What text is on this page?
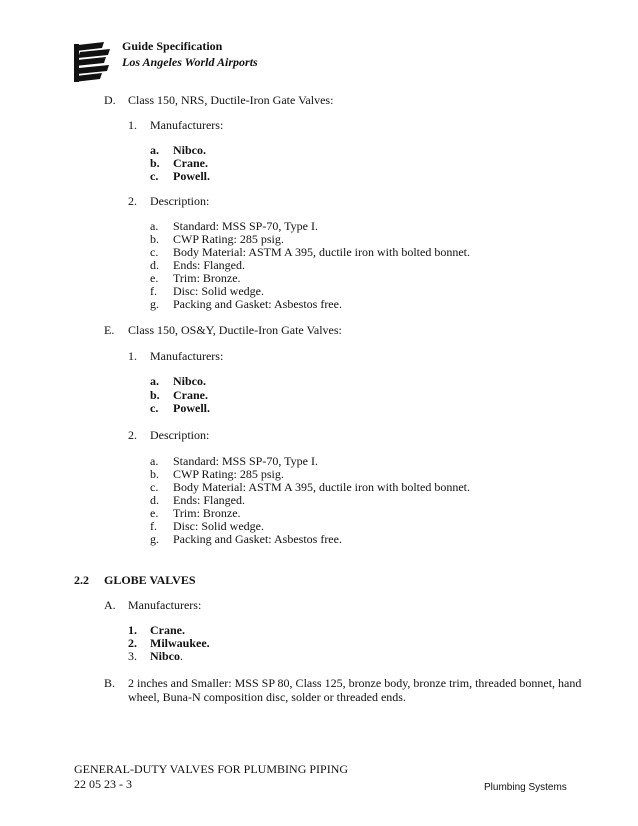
Guide Specification
Los Angeles World Airports
D. Class 150, NRS, Ductile-Iron Gate Valves:
1. Manufacturers:
a. Nibco.
b. Crane.
c. Powell.
2. Description:
a. Standard: MSS SP-70, Type I.
b. CWP Rating: 285 psig.
c. Body Material: ASTM A 395, ductile iron with bolted bonnet.
d. Ends: Flanged.
e. Trim: Bronze.
f. Disc: Solid wedge.
g. Packing and Gasket: Asbestos free.
E. Class 150, OS&Y, Ductile-Iron Gate Valves:
1. Manufacturers:
a. Nibco.
b. Crane.
c. Powell.
2. Description:
a. Standard: MSS SP-70, Type I.
b. CWP Rating: 285 psig.
c. Body Material: ASTM A 395, ductile iron with bolted bonnet.
d. Ends: Flanged.
e. Trim: Bronze.
f. Disc: Solid wedge.
g. Packing and Gasket: Asbestos free.
2.2 GLOBE VALVES
A. Manufacturers:
1. Crane.
2. Milwaukee.
3. Nibco.
B. 2 inches and Smaller: MSS SP 80, Class 125, bronze body, bronze trim, threaded bonnet, hand
wheel, Buna-N composition disc, solder or threaded ends.
GENERAL-DUTY VALVES FOR PLUMBING PIPING
22 05 23 - 3	Plumbing Systems
